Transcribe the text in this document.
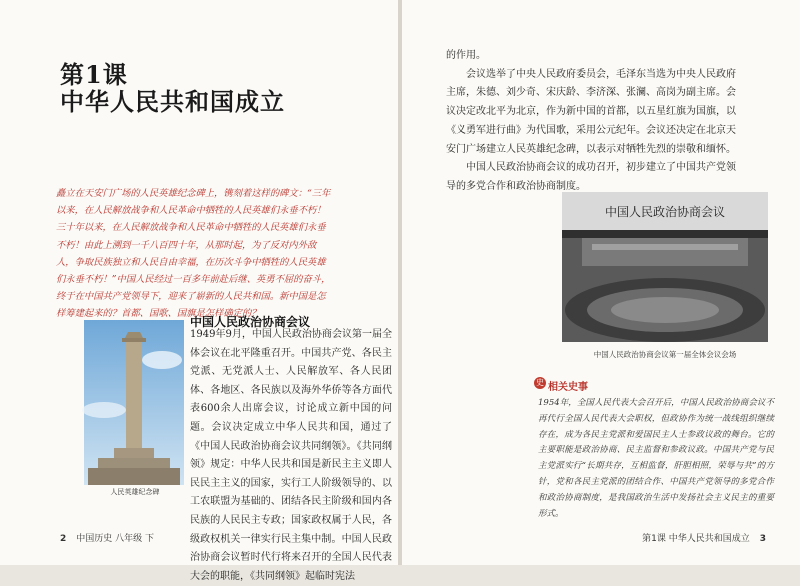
第1课
中华人民共和国成立
矗立在天安门广场的人民英雄纪念碑上，镌刻着这样的碑文：“三年以来，在人民解放战争和人民革命中牺牲的人民英雄们永垂不朽！三十年以来，在人民解放战争和人民革命中牺牲的人民英雄们永垂不朽！由此上溯到一千八百四十年，从那时起，为了反对内外敌人，争取民族独立和人民自由幸福，在历次斗争中牺牲的人民英雄们永垂不朽！”中国人民经过一百多年前赴后继、英勇不屈的奋斗，终于在中国共产党领导下，迎来了崭新的人民共和国。新中国是怎样筹建起来的？首都、国歌、国旗是怎样确定的？
人民英雄纪念碑
中国人民政治协商会议
1949年9月，中国人民政治协商会议第一届全体会议在北平隆重召开。中国共产党、各民主党派、无党派人士、人民解放军、各人民团体、各地区、各民族以及海外华侨等各方面代表600余人出席会议，讨论成立新中国的问题。会议决定成立中华人民共和国，通过了《中国人民政治协商会议共同纲领》。《共同纲领》规定：中华人民共和国是新民主主义即人民民主主义的国家，实行工人阶级领导的、以工农联盟为基础的、团结各民主阶级和国内各民族的人民民主专政；国家政权属于人民，各级政权机关一律实行民主集中制。中国人民政治协商会议暂时代行将来召开的全国人民代表大会的职能，《共同纲领》起临时宪法
2 中国历史 八年级 下

的作用。

会议选举了中央人民政府委员会，毛泽东当选为中央人民政府主席，朱德、刘少奇、宋庆龄、李济深、张澜、高岗为副主席。会议决定改北平为北京，作为新中国的首都，以五星红旗为国旗，以《义勇军进行曲》为代国歌，采用公元纪年。会议还决定在北京天安门广场建立人民英雄纪念碑，以表示对牺牲先烈的崇敬和缅怀。

中国人民政治协商会议的成功召开，初步建立了中国共产党领导的多党合作和政治协商制度。

中国人民政治协商会议
中国人民政治协商会议第一届全体会议会场
史 相关史事
1954年，全国人民代表大会召开后，中国人民政治协商会议不再代行全国人民代表大会职权，但政协作为统一战线组织继续存在，成为各民主党派和爱国民主人士参政议政的舞台。它的主要职能是政治协商、民主监督和参政议政。中国共产党与民主党派实行“长期共存，互相监督，肝胆相照，荣辱与共”的方针，党和各民主党派的团结合作、中国共产党领导的多党合作和政治协商制度，是我国政治生活中发扬社会主义民主的重要形式。
第1课 中华人民共和国成立 3
